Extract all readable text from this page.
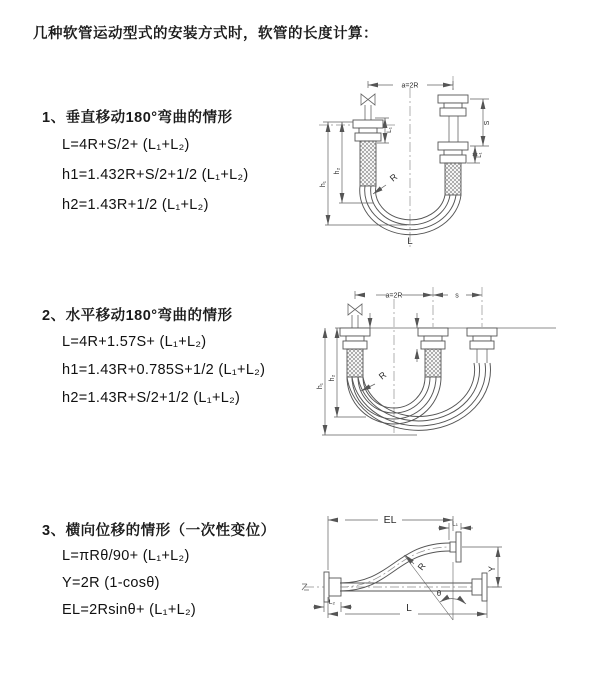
几种软管运动型式的安装方式时，软管的长度计算：
1、垂直移动180°弯曲的情形
L=4R+S/2+ (L₁+L₂)
h1=1.432R+S/2+1/2 (L₁+L₂)
h2=1.43R+1/2 (L₁+L₂)
a=2R
h₁
h₂
L₁
S
L₁
R
L
2、水平移动180°弯曲的情形
L=4R+1.57S+ (L₁+L₂)
h1=1.43R+0.785S+1/2 (L₁+L₂)
h2=1.43R+S/2+1/2 (L₁+L₂)
a=2R	s
h₁
h₂	R
3、横向位移的情形（一次性变位）
L=πRθ/90+ (L₁+L₂)
Y=2R (1-cosθ)
EL=2Rsinθ+ (L₁+L₂)
EL	L₁
Y
R
θ
L
L₂
